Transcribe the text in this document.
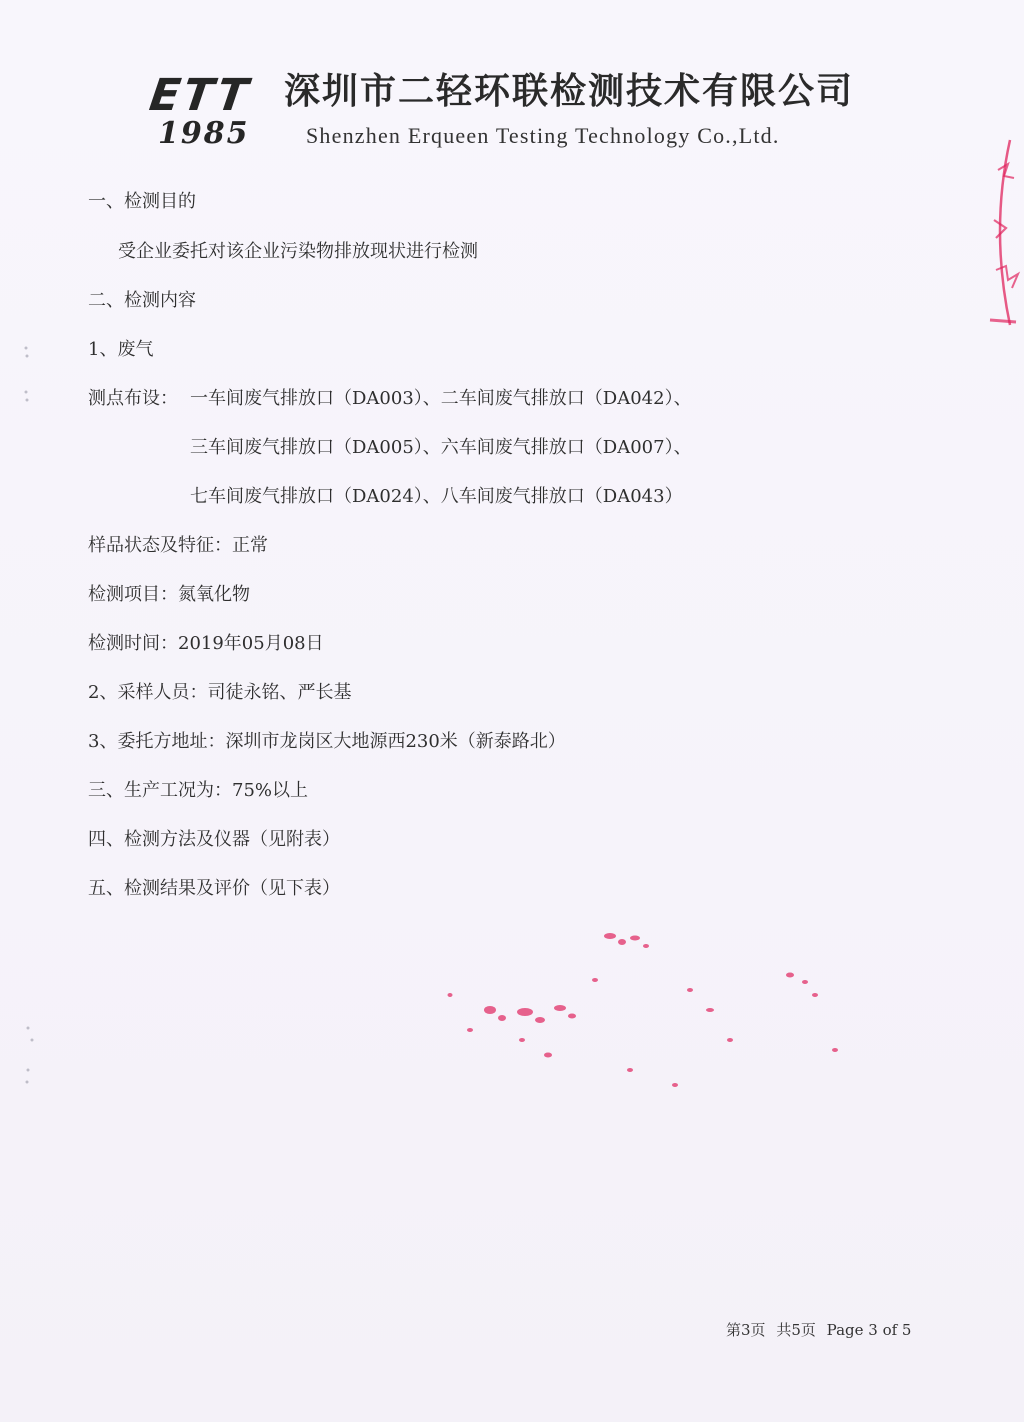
ETT
1985
深圳市二轻环联检测技术有限公司
Shenzhen Erqueen Testing Technology Co.,Ltd.
一、检测目的
受企业委托对该企业污染物排放现状进行检测
二、检测内容
1、废气
测点布设： 一车间废气排放口（DA003）、二车间废气排放口（DA042）、
三车间废气排放口（DA005）、六车间废气排放口（DA007）、
七车间废气排放口（DA024）、八车间废气排放口（DA043）
样品状态及特征：正常
检测项目：氮氧化物
检测时间：2019年05月08日
2、采样人员：司徒永铭、严长基
3、委托方地址：深圳市龙岗区大地源西230米（新泰路北）
三、生产工况为：75%以上
四、检测方法及仪器（见附表）
五、检测结果及评价（见下表）
第3页 共5页 Page 3 of 5
